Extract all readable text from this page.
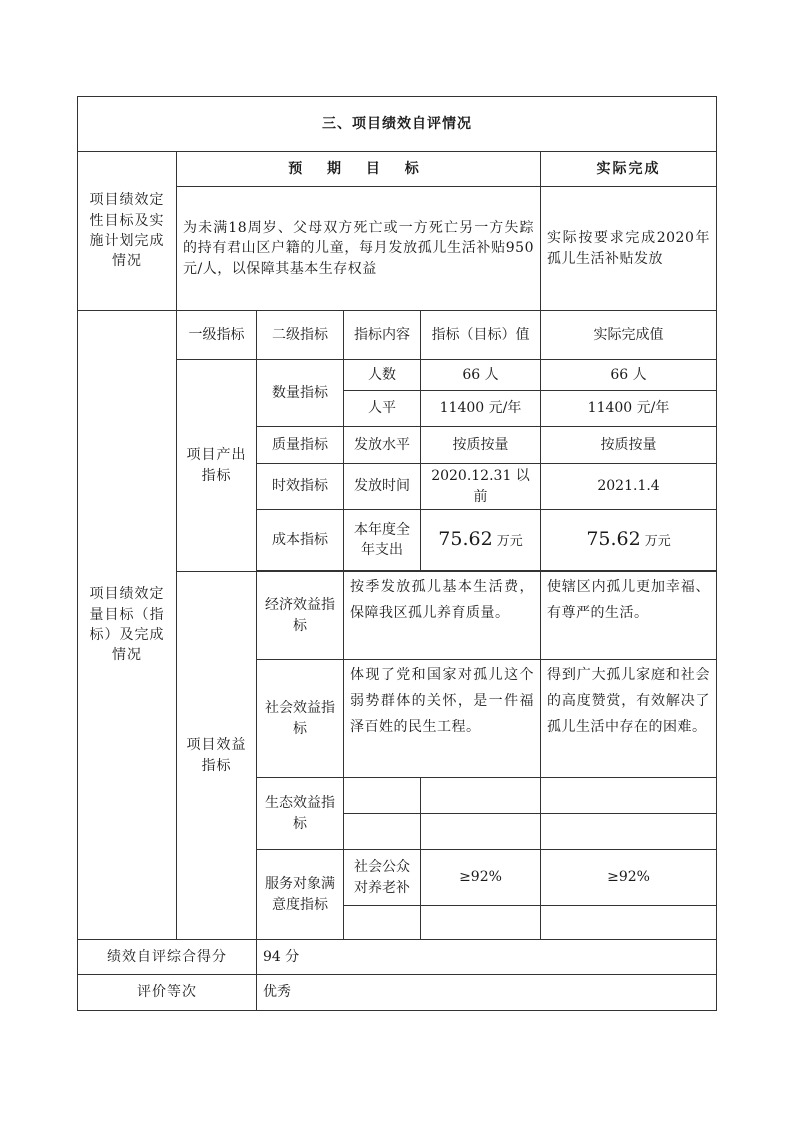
三、项目绩效自评情况					
项目绩效定性目标及实施计划完成情况	预 期 目 标				实际完成
	为未满18周岁、父母双方死亡或一方死亡另一方失踪的持有君山区户籍的儿童，每月发放孤儿生活补贴950元/人，以保障其基本生存权益				实际按要求完成2020年孤儿生活补贴发放
项目绩效定量目标（指标）及完成情况	一级指标	二级指标	指标内容	指标（目标）值	实际完成值
	项目产出指标	数量指标	人数	66 人	66 人
			人平	11400 元/年	11400 元/年
		质量指标	发放水平	按质按量	按质按量
		时效指标	发放时间	2020.12.31 以前	2021.1.4
		成本指标	本年度全年支出	75.62 万元	75.62 万元

	项目效益指标	经济效益指标	按季发放孤儿基本生活费，保障我区孤儿养育质量。		使辖区内孤儿更加幸福、有尊严的生活。
		社会效益指标	体现了党和国家对孤儿这个弱势群体的关怀，是一件福泽百姓的民生工程。		得到广大孤儿家庭和社会的高度赞赏，有效解决了孤儿生活中存在的困难。
		生态效益指标			

		服务对象满意度指标	社会公众对养老补	≥92%	≥92%

绩效自评综合得分		94 分			
评价等次		优秀			
